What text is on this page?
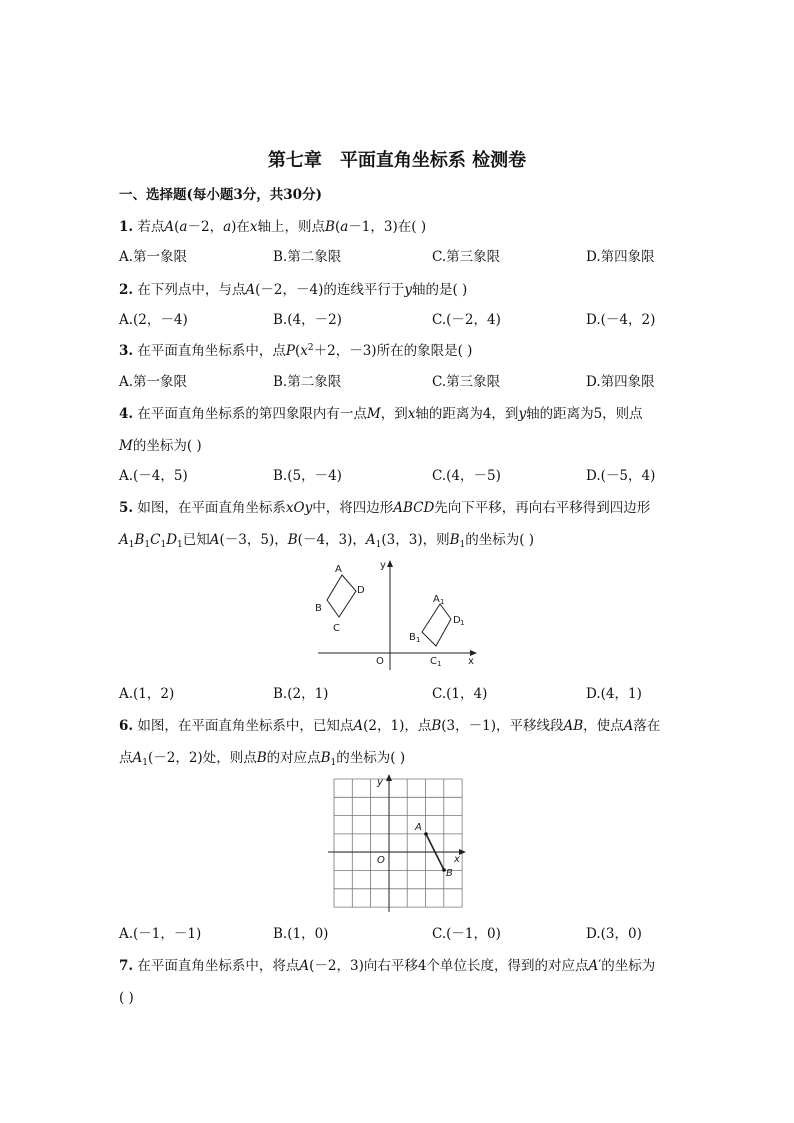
第七章 平面直角坐标系 检测卷
一、选择题(每小题3分，共30分)
1. 若点A(a－2，a)在x轴上，则点B(a－1，3)在( )
A.第一象限	B.第二象限	C.第三象限	D.第四象限
2. 在下列点中，与点A(－2，－4)的连线平行于y轴的是( )
A.(2，－4)	B.(4，－2)	C.(－2，4)	D.(－4，2)
3. 在平面直角坐标系中，点$P(x^2+2$，－3)所在的象限是( )
A.第一象限	B.第二象限	C.第三象限	D.第四象限
4. 在平面直角坐标系的第四象限内有一点M，到x轴的距离为4，到y轴的距离为5，则点
M的坐标为( )
A.(－4，5)	B.(5，－4)	C.(4，－5)	D.(－5，4)
5. 如图，在平面直角坐标系xOy中，将四边形ABCD先向下平移，再向右平移得到四边形
$A_1B_1C_1D_1$已知A(－3，5)，B(－4，3)，$A_1(3$，3)，则$B_1$的坐标为( )
y
x
O
A
D
B
C
A 1
D 1
B 1
C 1
A.(1，2)	B.(2，1)	C.(1，4)	D.(4，1)
6. 如图，在平面直角坐标系中，已知点A(2，1)，点B(3，－1)，平移线段AB，使点A落在
点$A_1(-2$，2)处，则点B的对应点$B_1$的坐标为( )
y
x
O
A
B
A.(－1，－1)	B.(1，0)	C.(－1，0)	D.(3，0)
7. 在平面直角坐标系中，将点A(－2，3)向右平移4个单位长度，得到的对应点A′的坐标为
( )
